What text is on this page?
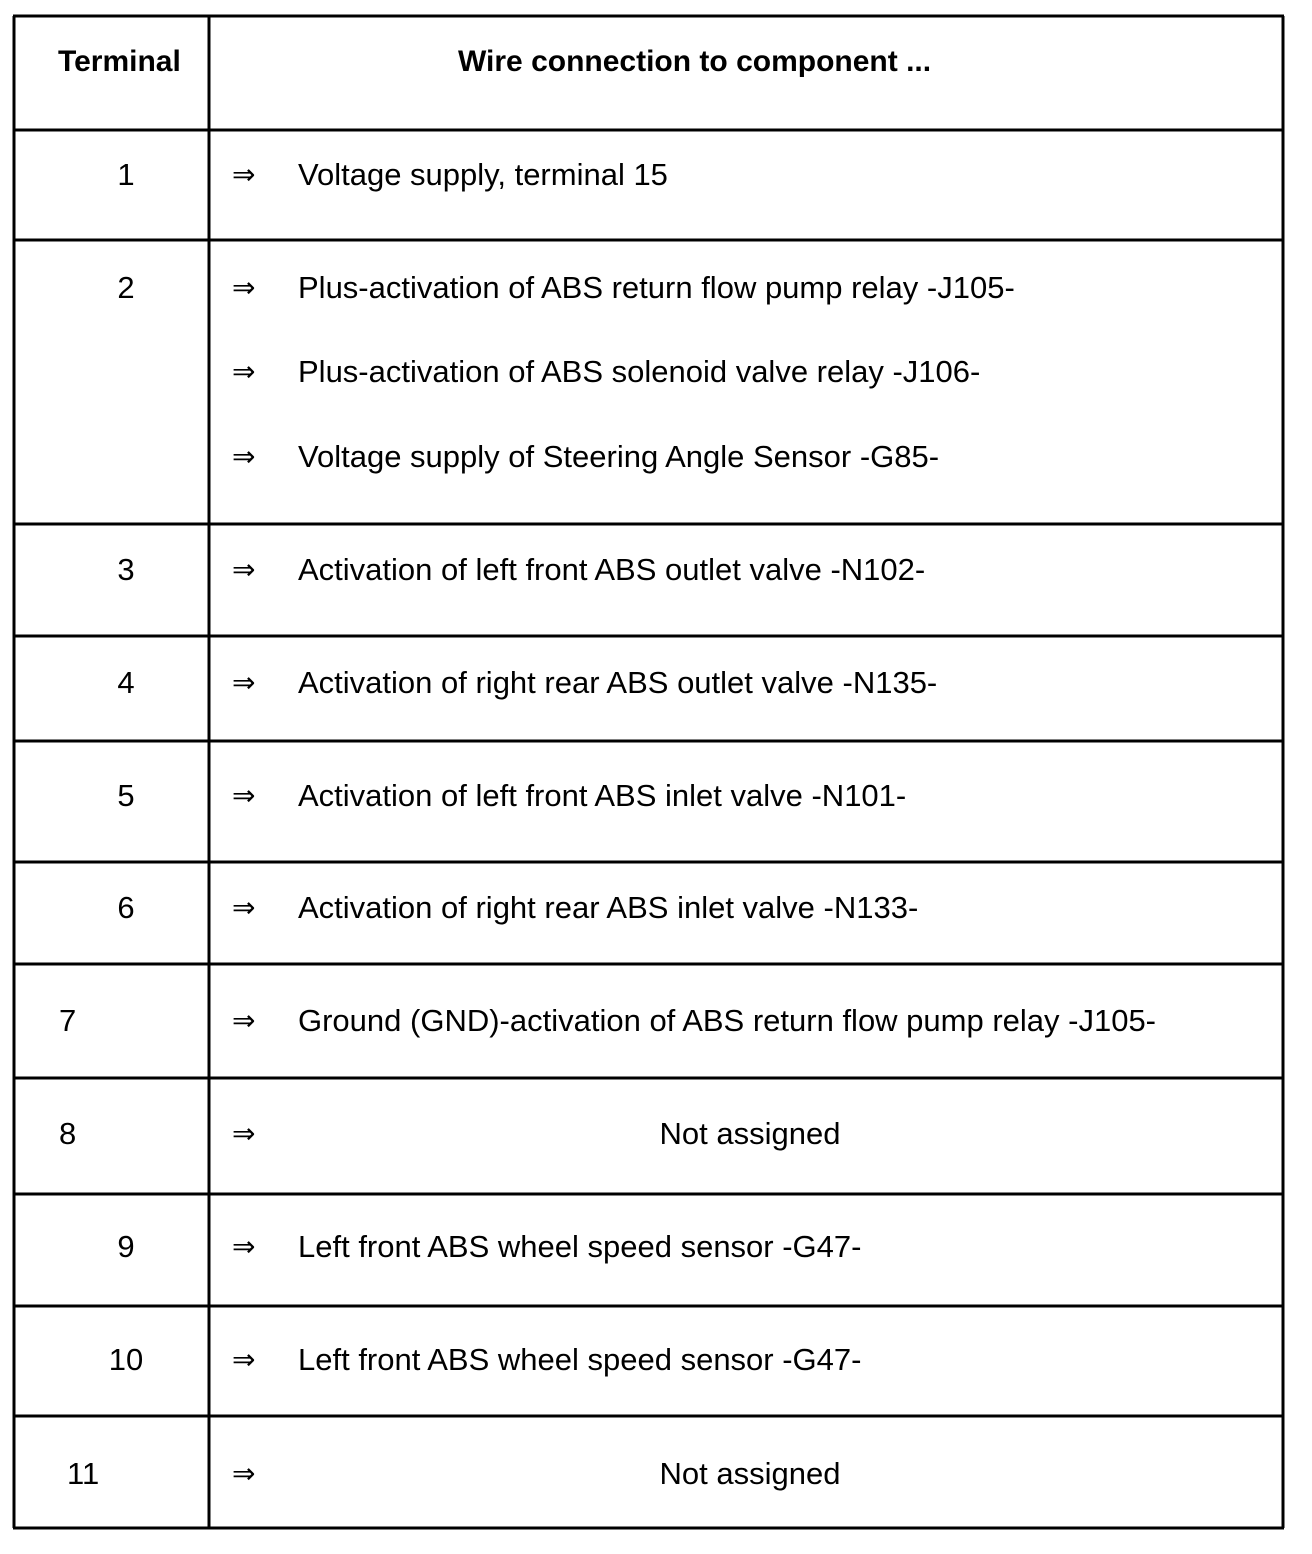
Terminal	Wire connection to component ...
1	⇒ Voltage supply, terminal 15
2	⇒ Plus-activation of ABS return flow pump relay -J105-
⇒ Plus-activation of ABS solenoid valve relay -J106-
⇒ Voltage supply of Steering Angle Sensor -G85-
3	⇒ Activation of left front ABS outlet valve -N102-
4	⇒ Activation of right rear ABS outlet valve -N135-
5	⇒ Activation of left front ABS inlet valve -N101-
6	⇒ Activation of right rear ABS inlet valve -N133-
7	⇒ Ground (GND)-activation of ABS return flow pump relay -J105-
8	⇒	Not assigned
9	⇒ Left front ABS wheel speed sensor -G47-
10	⇒ Left front ABS wheel speed sensor -G47-
11	⇒	Not assigned
